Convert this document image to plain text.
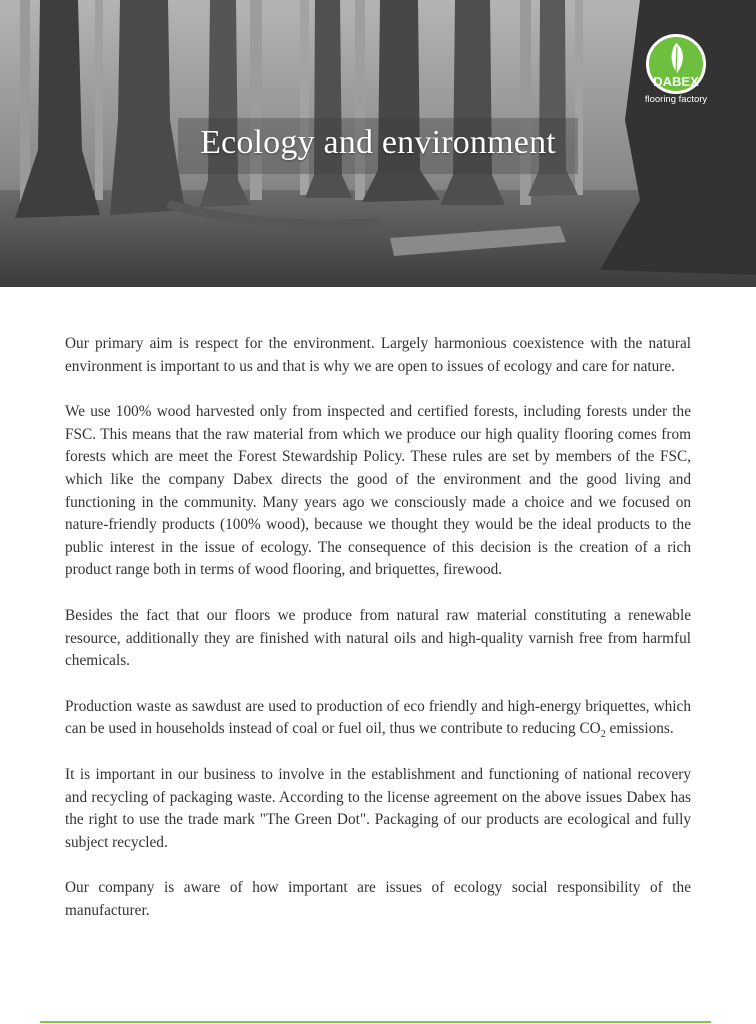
Ecology and environment
DABEX
flooring factory

Our primary aim is respect for the environment. Largely harmonious coexistence with the natural environment is important to us and that is why we are open to issues of ecology and care for nature.

We use 100% wood harvested only from inspected and certified forests, including forests under the FSC. This means that the raw material from which we produce our high quality flooring comes from forests which are meet the Forest Stewardship Policy. These rules are set by members of the FSC, which like the company Dabex directs the good of the environment and the good living and functioning in the community. Many years ago we consciously made a choice and we focused on nature-friendly products (100% wood), because we thought they would be the ideal products to the public interest in the issue of ecology. The consequence of this decision is the creation of a rich product range both in terms of wood flooring, and briquettes, firewood.

Besides the fact that our floors we produce from natural raw material constituting a renewable resource, additionally they are finished with natural oils and high-quality varnish free from harmful chemicals.

Production waste as sawdust are used to production of eco friendly and high-energy briquettes, which can be used in households instead of coal or fuel oil, thus we contribute to reducing $CO_2$ emissions.

It is important in our business to involve in the establishment and functioning of national recovery and recycling of packaging waste. According to the license agreement on the above issues Dabex has the right to use the trade mark "The Green Dot". Packaging of our products are ecological and fully subject recycled.

Our company is aware of how important are issues of ecology social responsibility of the manufacturer.
